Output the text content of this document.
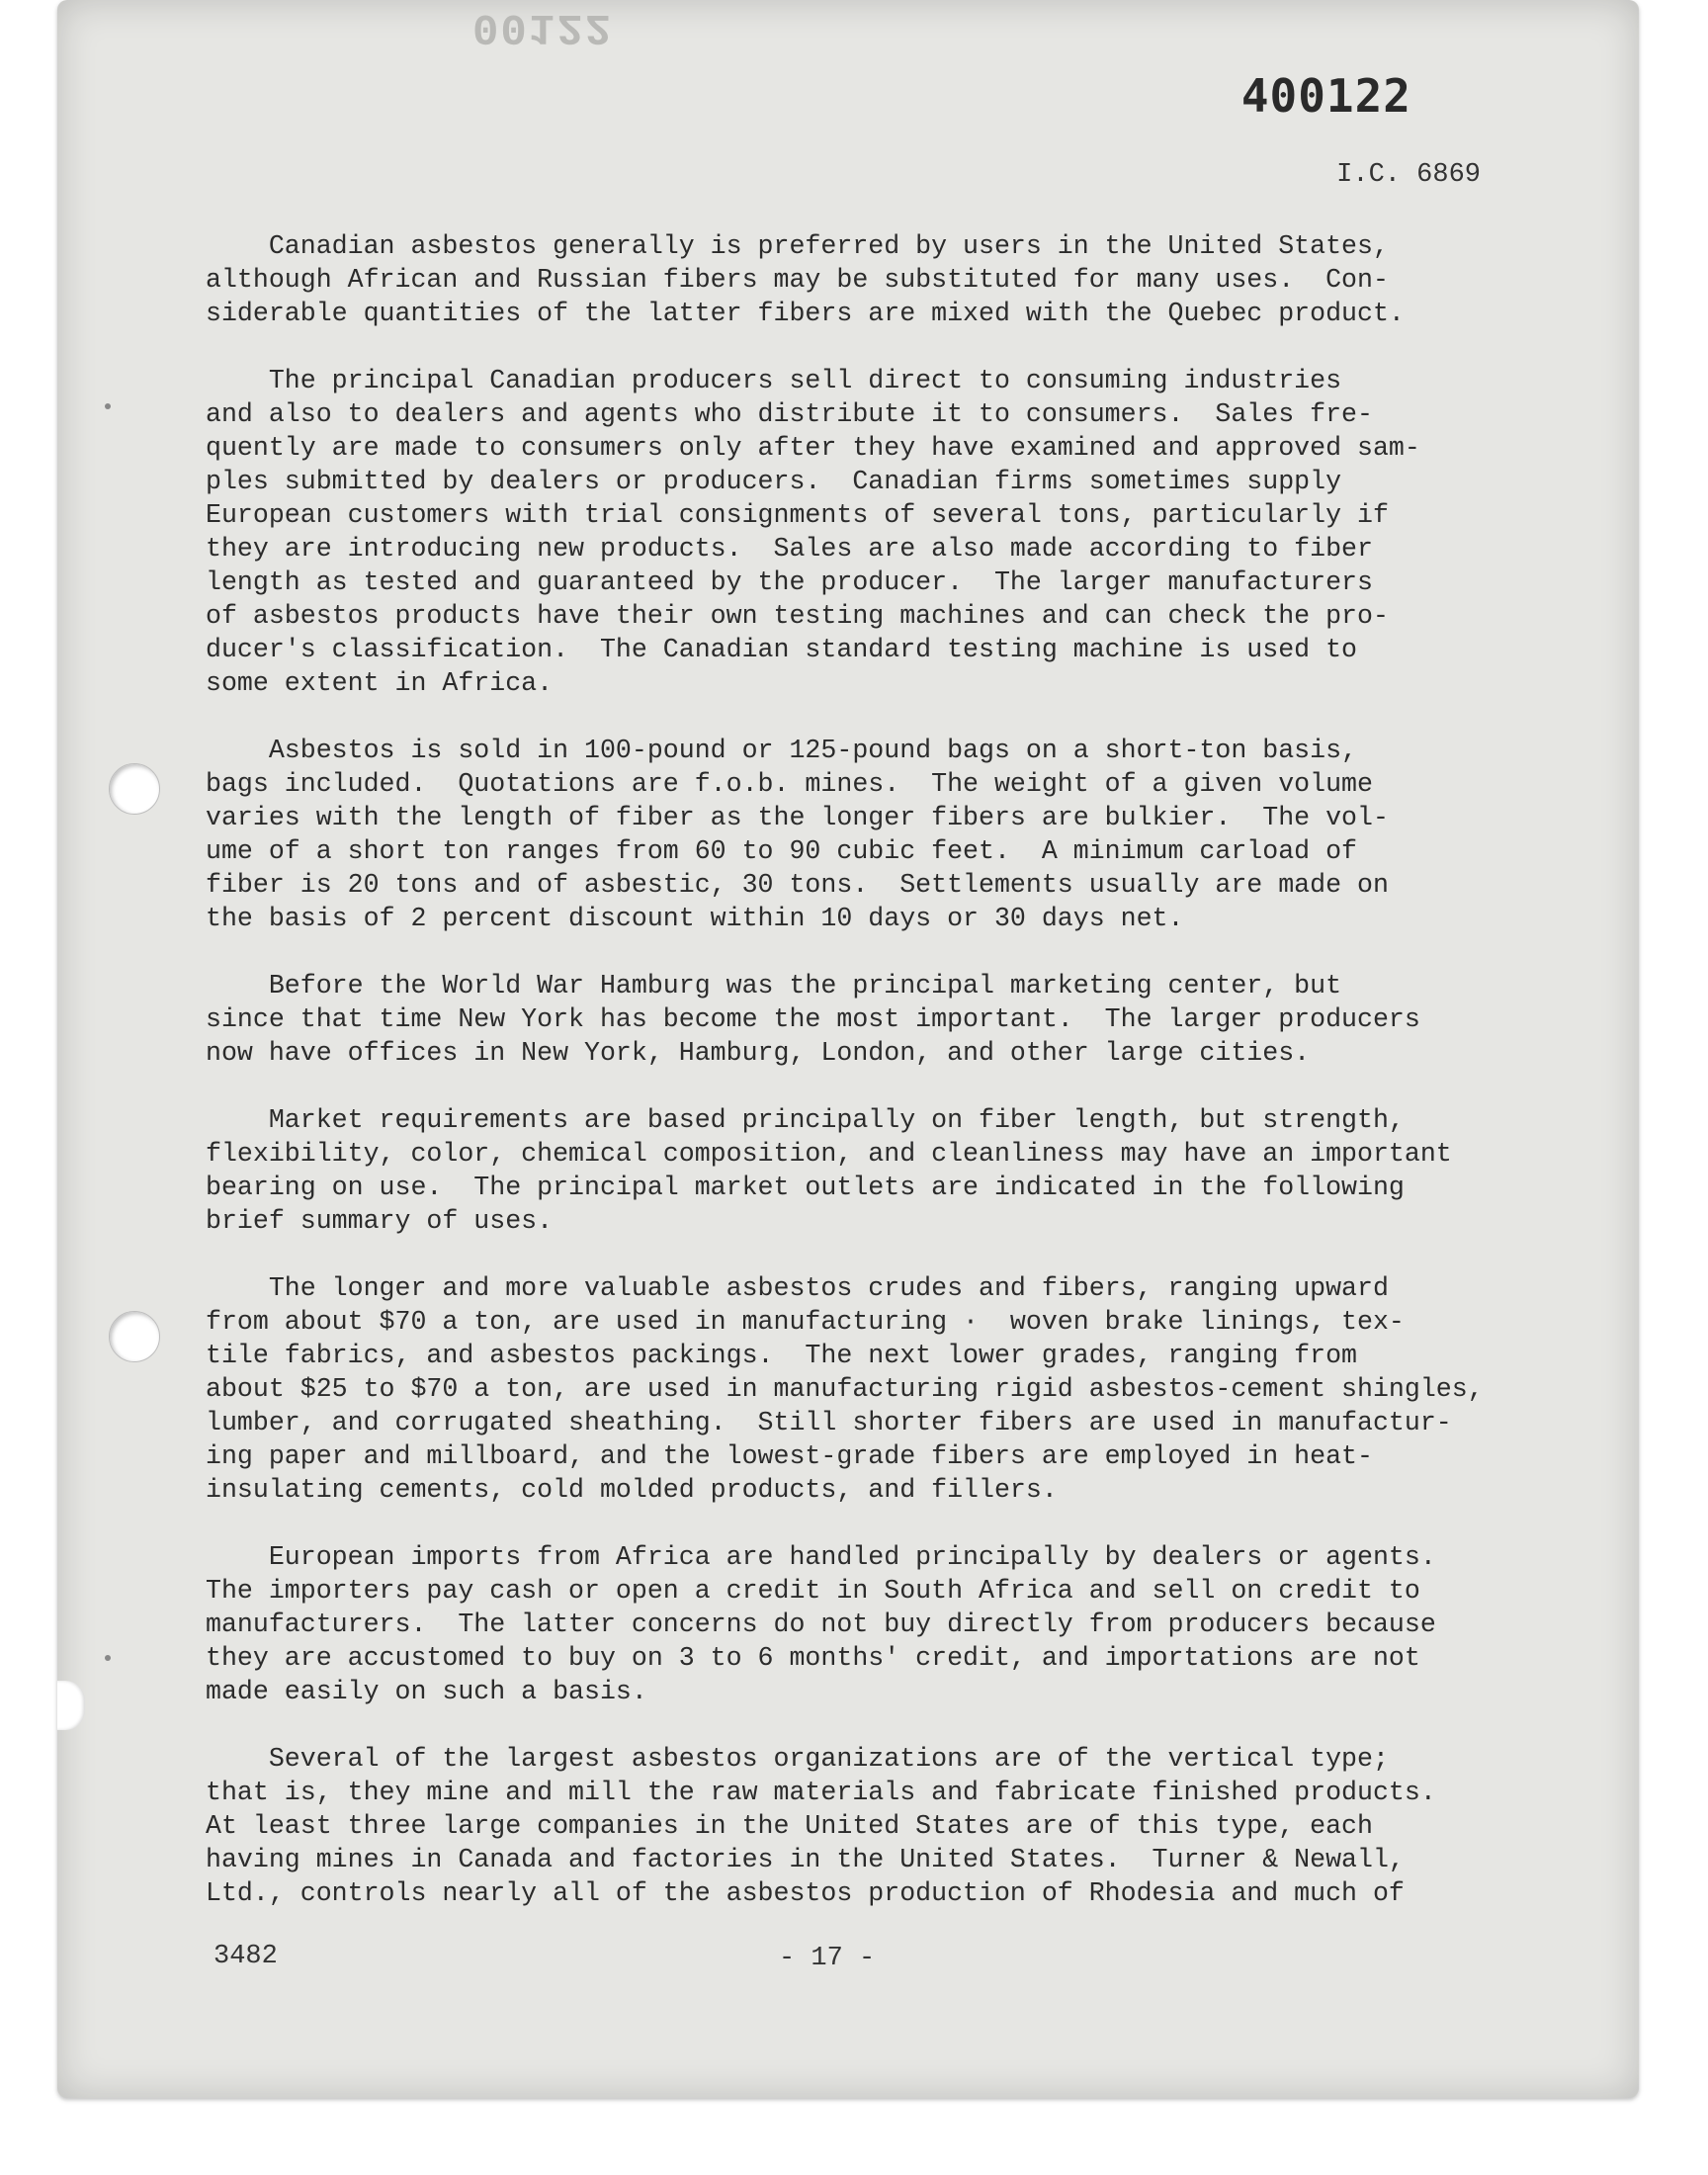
00122
400122
I.C. 6869
Canadian asbestos generally is preferred by users in the United States,
although African and Russian fibers may be substituted for many uses.  Con-
siderable quantities of the latter fibers are mixed with the Quebec product.
The principal Canadian producers sell direct to consuming industries
and also to dealers and agents who distribute it to consumers.  Sales fre-
quently are made to consumers only after they have examined and approved sam-
ples submitted by dealers or producers.  Canadian firms sometimes supply
European customers with trial consignments of several tons, particularly if
they are introducing new products.  Sales are also made according to fiber
length as tested and guaranteed by the producer.  The larger manufacturers
of asbestos products have their own testing machines and can check the pro-
ducer's classification.  The Canadian standard testing machine is used to
some extent in Africa.
Asbestos is sold in 100-pound or 125-pound bags on a short-ton basis,
bags included.  Quotations are f.o.b. mines.  The weight of a given volume
varies with the length of fiber as the longer fibers are bulkier.  The vol-
ume of a short ton ranges from 60 to 90 cubic feet.  A minimum carload of
fiber is 20 tons and of asbestic, 30 tons.  Settlements usually are made on
the basis of 2 percent discount within 10 days or 30 days net.
Before the World War Hamburg was the principal marketing center, but
since that time New York has become the most important.  The larger producers
now have offices in New York, Hamburg, London, and other large cities.
Market requirements are based principally on fiber length, but strength,
flexibility, color, chemical composition, and cleanliness may have an important
bearing on use.  The principal market outlets are indicated in the following
brief summary of uses.
The longer and more valuable asbestos crudes and fibers, ranging upward
from about $70 a ton, are used in manufacturing ·  woven brake linings, tex-
tile fabrics, and asbestos packings.  The next lower grades, ranging from
about $25 to $70 a ton, are used in manufacturing rigid asbestos-cement shingles,
lumber, and corrugated sheathing.  Still shorter fibers are used in manufactur-
ing paper and millboard, and the lowest-grade fibers are employed in heat-
insulating cements, cold molded products, and fillers.
European imports from Africa are handled principally by dealers or agents.
The importers pay cash or open a credit in South Africa and sell on credit to
manufacturers.  The latter concerns do not buy directly from producers because
they are accustomed to buy on 3 to 6 months' credit, and importations are not
made easily on such a basis.
Several of the largest asbestos organizations are of the vertical type;
that is, they mine and mill the raw materials and fabricate finished products.
At least three large companies in the United States are of this type, each
having mines in Canada and factories in the United States.  Turner & Newall,
Ltd., controls nearly all of the asbestos production of Rhodesia and much of
3482	- 17 -
